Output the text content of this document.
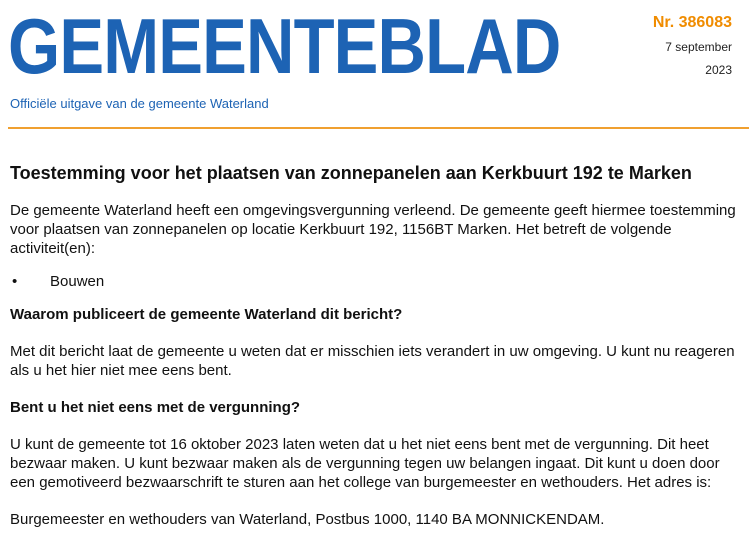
GEMEENTEBLAD
Officiële uitgave van de gemeente Waterland
Nr. 386083
7 september
2023
Toestemming voor het plaatsen van zonnepanelen aan Kerkbuurt 192 te Marken

De gemeente Waterland heeft een omgevingsvergunning verleend. De gemeente geeft hiermee toestemming voor plaatsen van zonnepanelen op locatie Kerkbuurt 192, 1156BT Marken. Het betreft de volgende activiteit(en):

• Bouwen

Waarom publiceert de gemeente Waterland dit bericht?

Met dit bericht laat de gemeente u weten dat er misschien iets verandert in uw omgeving. U kunt nu reageren als u het hier niet mee eens bent.

Bent u het niet eens met de vergunning?

U kunt de gemeente tot 16 oktober 2023 laten weten dat u het niet eens bent met de vergunning. Dit heet bezwaar maken. U kunt bezwaar maken als de vergunning tegen uw belangen ingaat. Dit kunt u doen door een gemotiveerd bezwaarschrift te sturen aan het college van burgemeester en wethouders. Het adres is:

Burgemeester en wethouders van Waterland, Postbus 1000, 1140 BA MONNICKENDAM.
